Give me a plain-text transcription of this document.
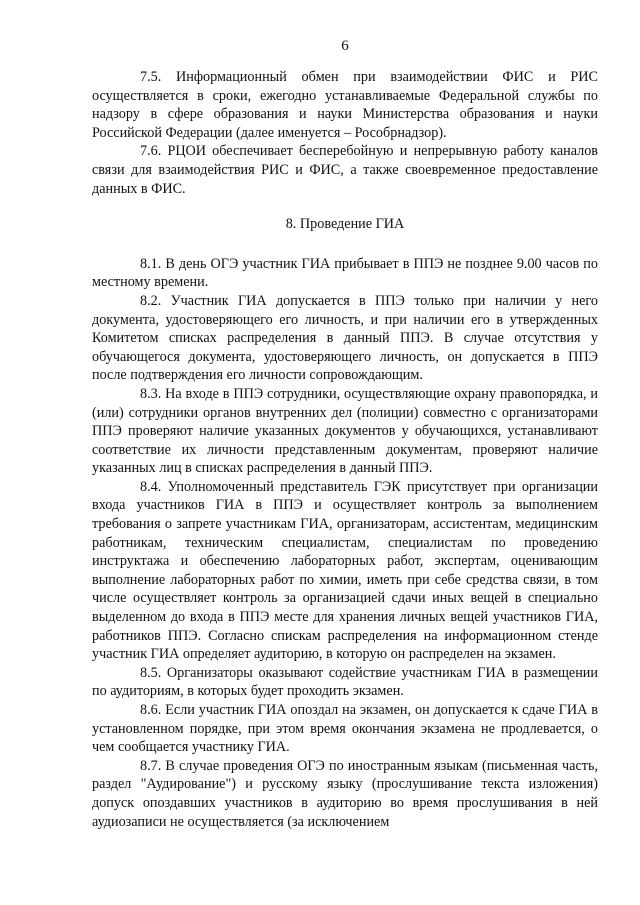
6

7.5. Информационный обмен при взаимодействии ФИС и РИС осуществляется в сроки, ежегодно устанавливаемые Федеральной службы по надзору в сфере образования и науки Министерства образования и науки Российской Федерации (далее именуется – Рособрнадзор).

7.6. РЦОИ обеспечивает бесперебойную и непрерывную работу каналов связи для взаимодействия РИС и ФИС, а также своевременное предоставление данных в ФИС.

8. Проведение ГИА

8.1. В день ОГЭ участник ГИА прибывает в ППЭ не позднее 9.00 часов по местному времени.

8.2. Участник ГИА допускается в ППЭ только при наличии у него документа, удостоверяющего его личность, и при наличии его в утвержденных Комитетом списках распределения в данный ППЭ. В случае отсутствия у обучающегося документа, удостоверяющего личность, он допускается в ППЭ после подтверждения его личности сопровождающим.

8.3. На входе в ППЭ сотрудники, осуществляющие охрану правопорядка, и (или) сотрудники органов внутренних дел (полиции) совместно с организаторами ППЭ проверяют наличие указанных документов у обучающихся, устанавливают соответствие их личности представленным документам, проверяют наличие указанных лиц в списках распределения в данный ППЭ.

8.4. Уполномоченный представитель ГЭК присутствует при организации входа участников ГИА в ППЭ и осуществляет контроль за выполнением требования о запрете участникам ГИА, организаторам, ассистентам, медицинским работникам, техническим специалистам, специалистам по проведению инструктажа и обеспечению лабораторных работ, экспертам, оценивающим выполнение лабораторных работ по химии, иметь при себе средства связи, в том числе осуществляет контроль за организацией сдачи иных вещей в специально выделенном до входа в ППЭ месте для хранения личных вещей участников ГИА, работников ППЭ. Согласно спискам распределения на информационном стенде участник ГИА определяет аудиторию, в которую он распределен на экзамен.

8.5. Организаторы оказывают содействие участникам ГИА в размещении по аудиториям, в которых будет проходить экзамен.

8.6. Если участник ГИА опоздал на экзамен, он допускается к сдаче ГИА в установленном порядке, при этом время окончания экзамена не продлевается, о чем сообщается участнику ГИА.

8.7. В случае проведения ОГЭ по иностранным языкам (письменная часть, раздел "Аудирование") и русскому языку (прослушивание текста изложения) допуск опоздавших участников в аудиторию во время прослушивания в ней аудиозаписи не осуществляется (за исключением
